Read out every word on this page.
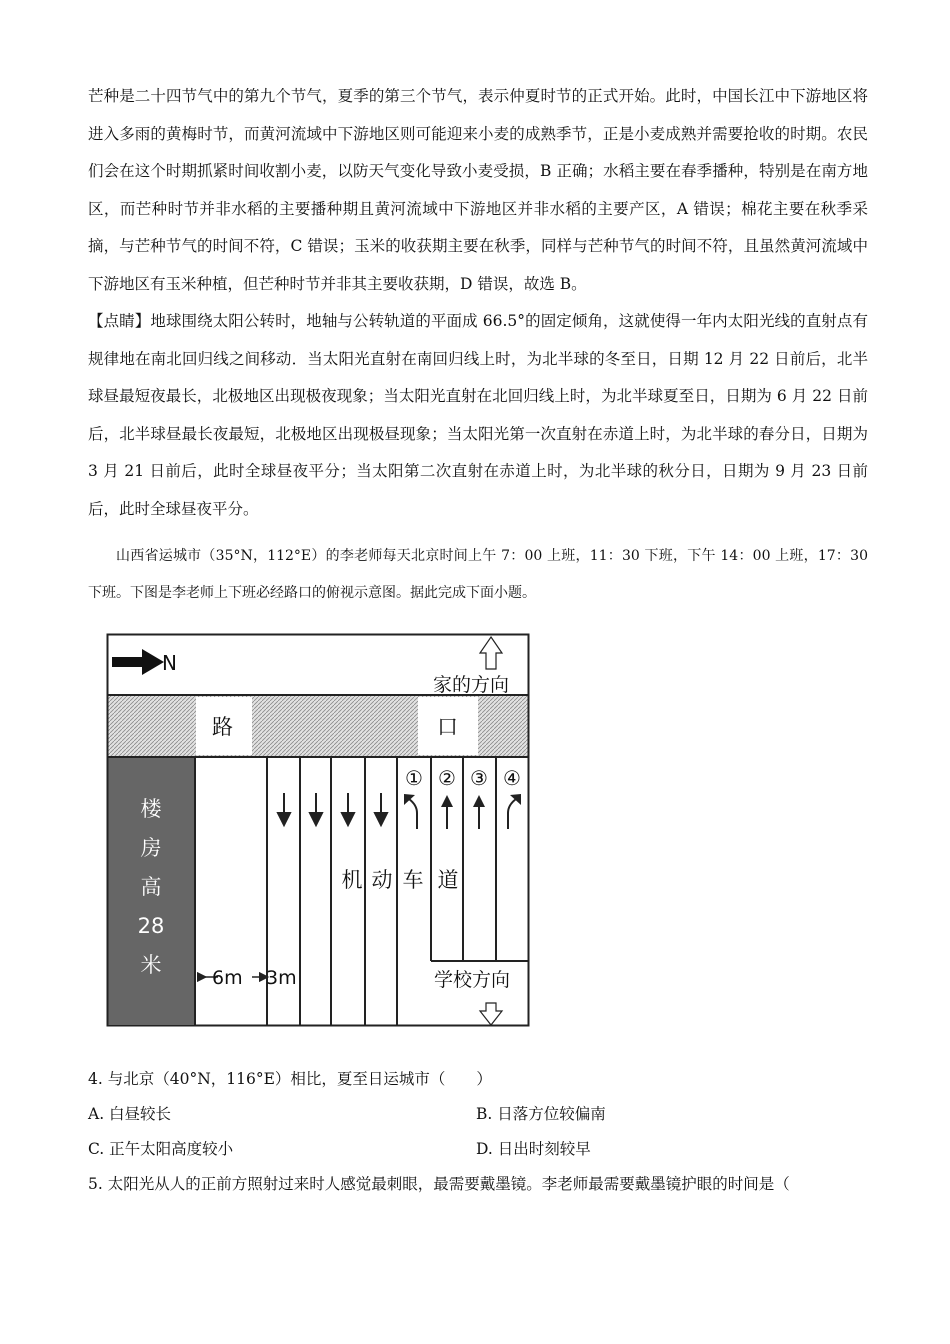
芒种是二十四节气中的第九个节气，夏季的第三个节气，表示仲夏时节的正式开始。此时，中国长江中下游地区将进入多雨的黄梅时节，而黄河流域中下游地区则可能迎来小麦的成熟季节，正是小麦成熟并需要抢收的时期。农民们会在这个时期抓紧时间收割小麦，以防天气变化导致小麦受损，B 正确；水稻主要在春季播种，特别是在南方地区，而芒种时节并非水稻的主要播种期且黄河流域中下游地区并非水稻的主要产区，A 错误；棉花主要在秋季采摘，与芒种节气的时间不符，C 错误；玉米的收获期主要在秋季，同样与芒种节气的时间不符，且虽然黄河流域中下游地区有玉米种植，但芒种时节并非其主要收获期，D 错误，故选 B。

【点睛】地球围绕太阳公转时，地轴与公转轨道的平面成 66.5°的固定倾角，这就使得一年内太阳光线的直射点有规律地在南北回归线之间移动．当太阳光直射在南回归线上时，为北半球的冬至日，日期 12 月 22 日前后，北半球昼最短夜最长，北极地区出现极夜现象；当太阳光直射在北回归线上时，为北半球夏至日，日期为 6 月 22 日前后，北半球昼最长夜最短，北极地区出现极昼现象；当太阳光第一次直射在赤道上时，为北半球的春分日，日期为 3 月 21 日前后，此时全球昼夜平分；当太阳第二次直射在赤道上时，为北半球的秋分日，日期为 9 月 23 日前后，此时全球昼夜平分。

山西省运城市（35°N，112°E）的李老师每天北京时间上午 7：00 上班，11：30 下班，下午 14：00 上班，17：30 下班。下图是李老师上下班必经路口的俯视示意图。据此完成下面小题。

N
家的方向
路	口
楼
房
高
28
米
6m 3m
① ② ③ ④
机 动 车 道
学校方向
4. 与北京（40°N，116°E）相比，夏至日运城市（　　）
A. 白昼较长	B. 日落方位较偏南
C. 正午太阳高度较小	D. 日出时刻较早
5. 太阳光从人的正前方照射过来时人感觉最刺眼，最需要戴墨镜。李老师最需要戴墨镜护眼的时间是（
